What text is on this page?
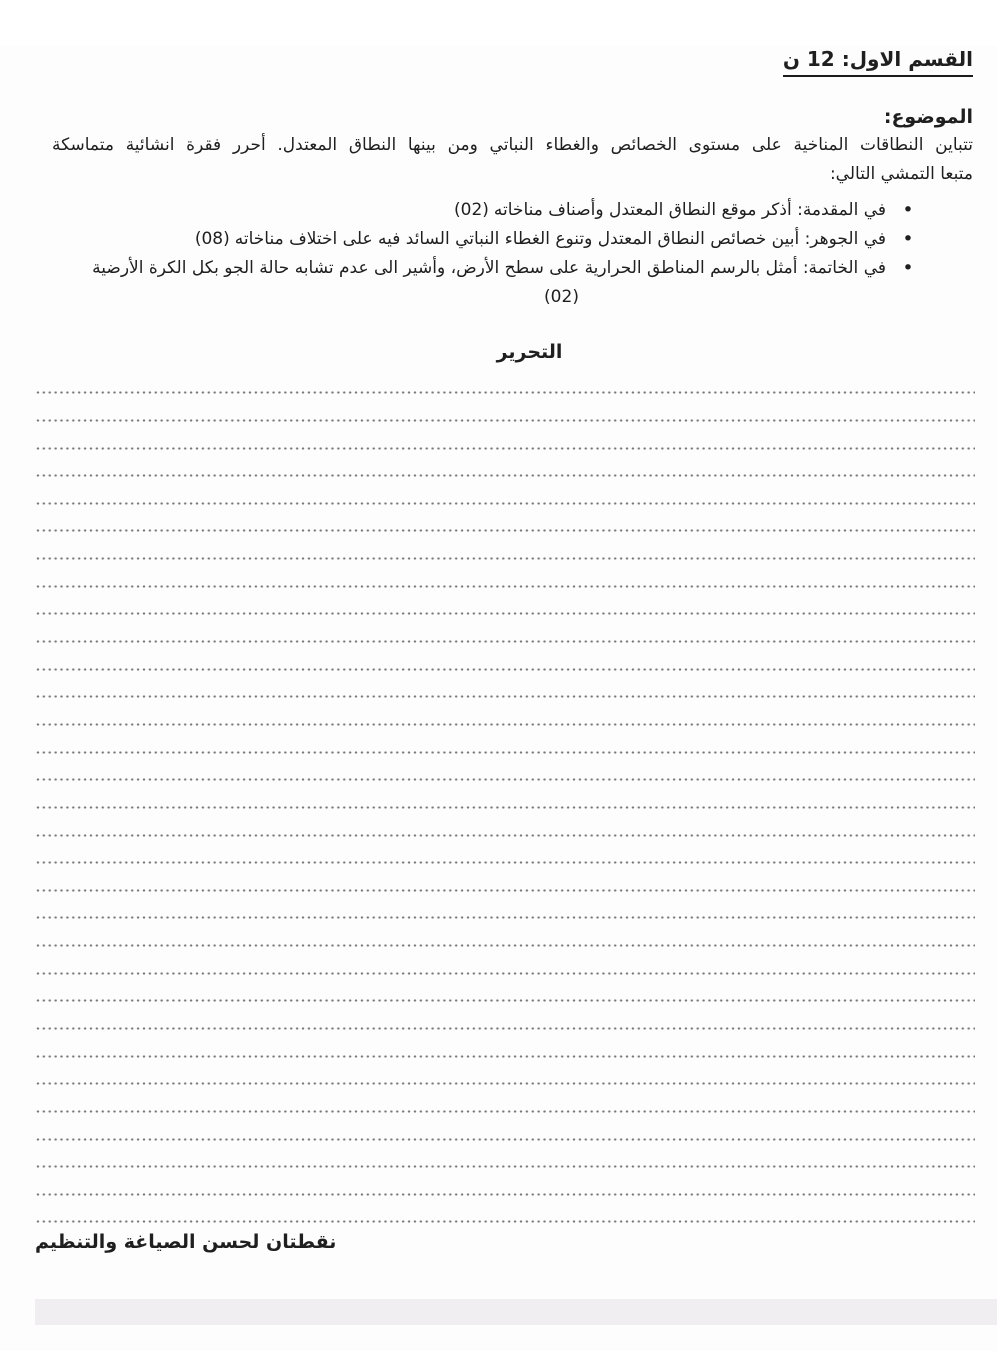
القسم الاول: 12 ن
الموضوع:
تتباين النطاقات المناخية على مستوى الخصائص والغطاء النباتي ومن بينها النطاق المعتدل. أحرر فقرة انشائية متماسكة
متبعا التمشي التالي:
•
في المقدمة: أذكر موقع النطاق المعتدل وأصناف مناخاته(02)
•
في الجوهر: أبين خصائص النطاق المعتدل وتنوع الغطاء النباتي السائد فيه على اختلاف مناخاته(08)
•
في الخاتمة: أمثل بالرسم المناطق الحرارية على سطح الأرض، وأشير الى عدم تشابه حالة الجو بكل الكرة الأرضية
(02)
التحرير
نقطتان لحسن الصياغة والتنظيم
